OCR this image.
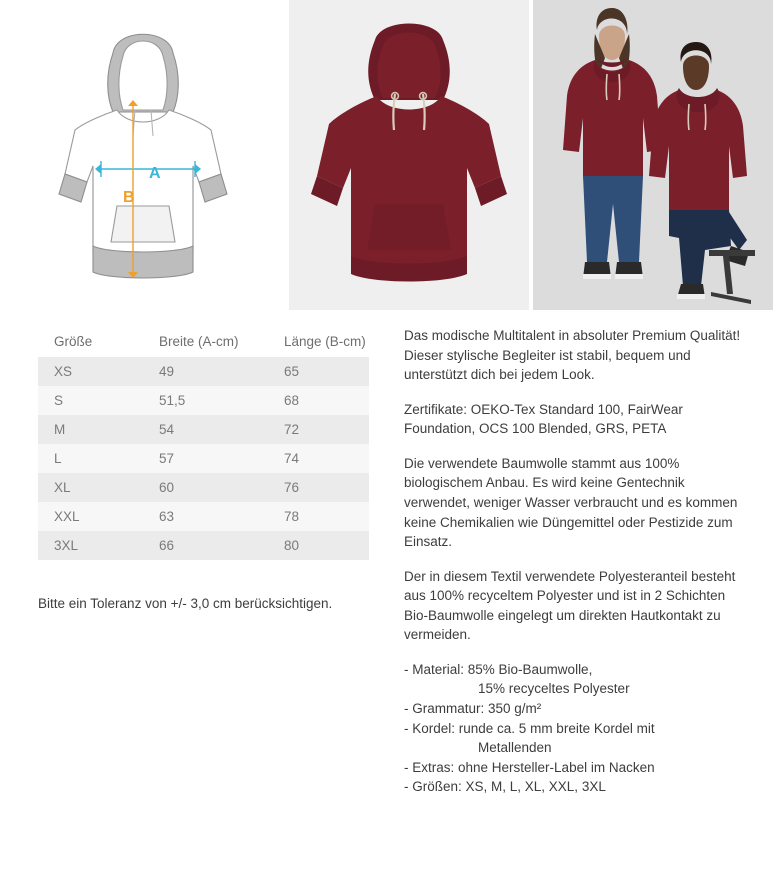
A
B
Größe	Breite (A-cm)	Länge (B-cm)
XS	49	65
S	51,5	68
M	54	72
L	57	74
XL	60	76
XXL	63	78
3XL	66	80
Bitte ein Toleranz von +/- 3,0 cm berücksichtigen.

Das modische Multitalent in absoluter Premium Qualität! Dieser stylische Begleiter ist stabil, bequem und unterstützt dich bei jedem Look.

Zertifikate: OEKO-Tex Standard 100, FairWear Foundation, OCS 100 Blended, GRS, PETA

Die verwendete Baumwolle stammt aus 100% biologischem Anbau. Es wird keine Gentechnik verwendet, weniger Wasser verbraucht und es kommen keine Chemikalien wie Düngemittel oder Pestizide zum Einsatz.

Der in diesem Textil verwendete Polyesteranteil besteht aus 100% recyceltem Polyester und ist in 2 Schichten Bio-Baumwolle eingelegt um direkten Hautkontakt zu vermeiden.

- Material: 85% Bio-Baumwolle,

15% recyceltes Polyester

- Grammatur: 350 g/m²

- Kordel: runde ca. 5 mm breite Kordel mit

Metallenden

- Extras: ohne Hersteller-Label im Nacken

- Größen: XS, M, L, XL, XXL, 3XL
